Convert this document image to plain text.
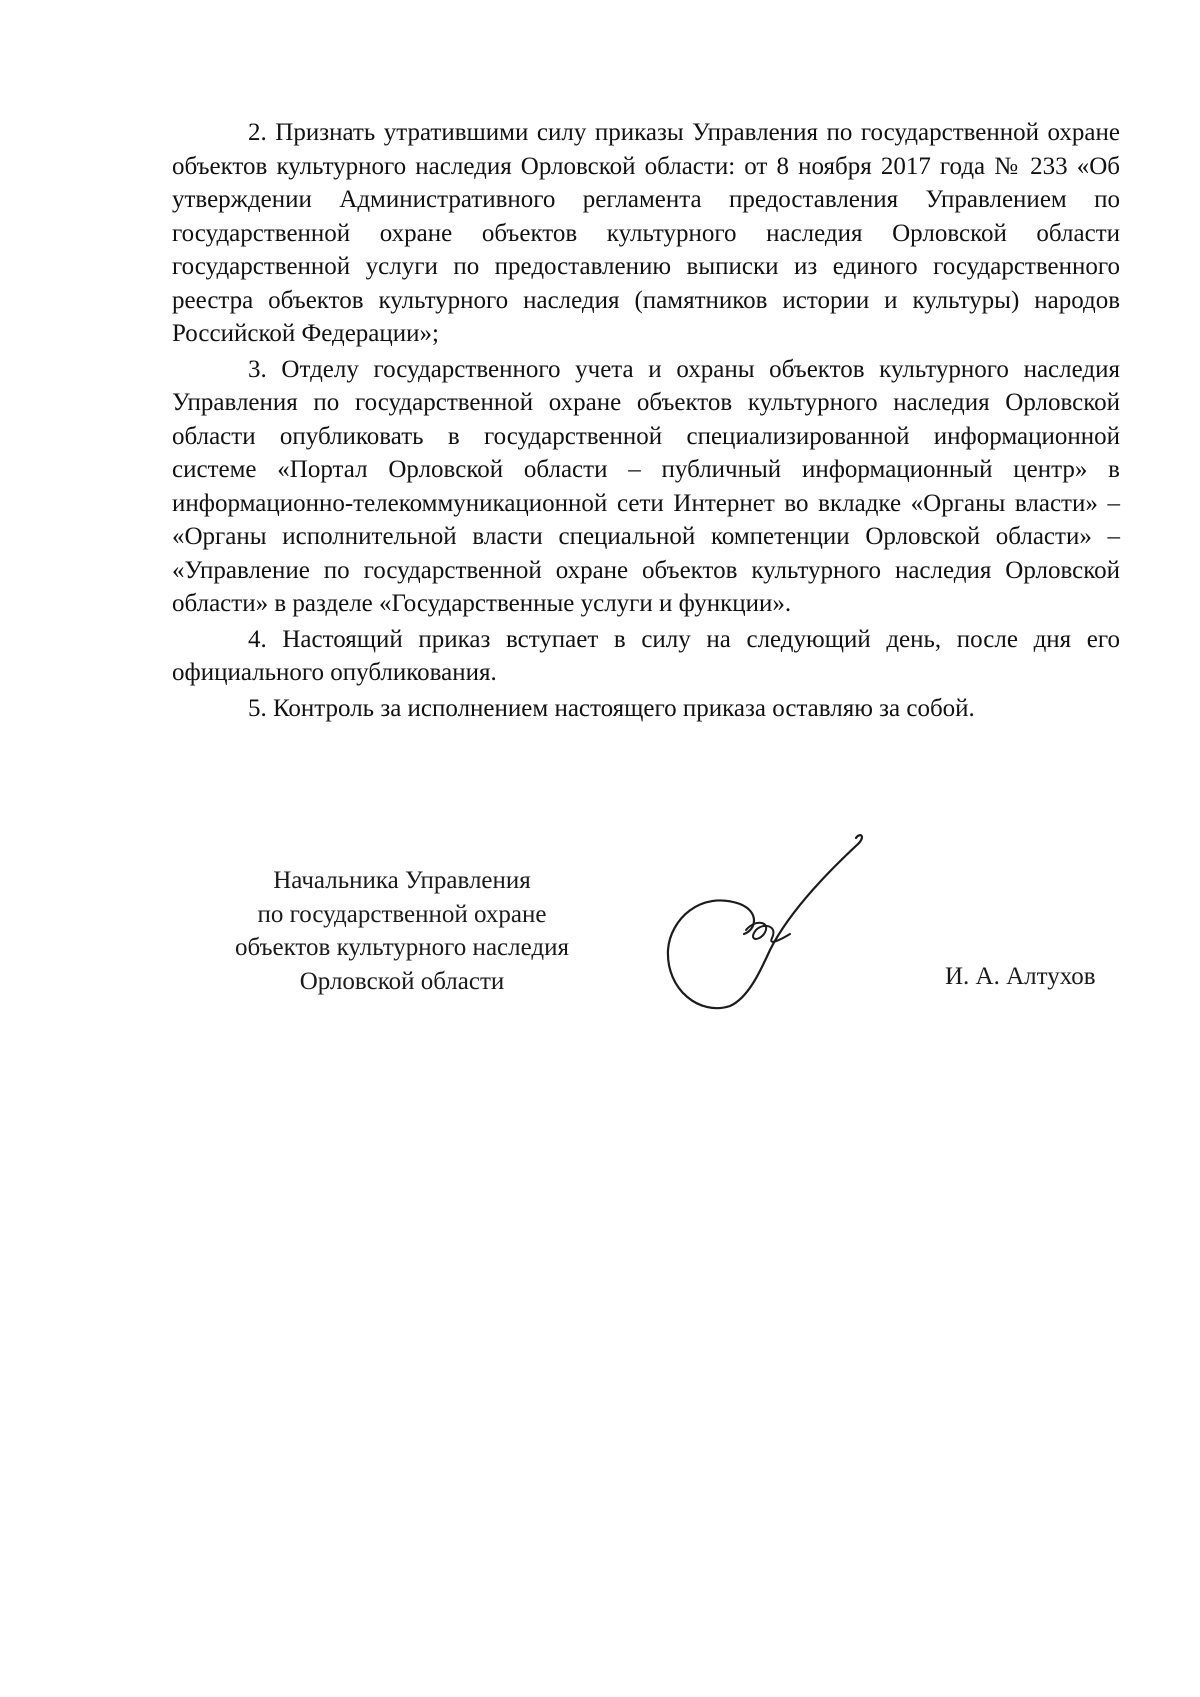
2. Признать утратившими силу приказы Управления по государственной охране объектов культурного наследия Орловской области: от 8 ноября 2017 года № 233 «Об утверждении Административного регламента предоставления Управлением по государственной охране объектов культурного наследия Орловской области государственной услуги по предоставлению выписки из единого государственного реестра объектов культурного наследия (памятников истории и культуры) народов Российской Федерации»;

3. Отделу государственного учета и охраны объектов культурного наследия Управления по государственной охране объектов культурного наследия Орловской области опубликовать в государственной специализированной информационной системе «Портал Орловской области – публичный информационный центр» в информационно-телекоммуникационной сети Интернет во вкладке «Органы власти» – «Органы исполнительной власти специальной компетенции Орловской области» – «Управление по государственной охране объектов культурного наследия Орловской области» в разделе «Государственные услуги и функции».

4. Настоящий приказ вступает в силу на следующий день, после дня его официального опубликования.

5. Контроль за исполнением настоящего приказа оставляю за собой.

Начальника Управления
по государственной охране
объектов культурного наследия
Орловской области	И. А. Алтухов
